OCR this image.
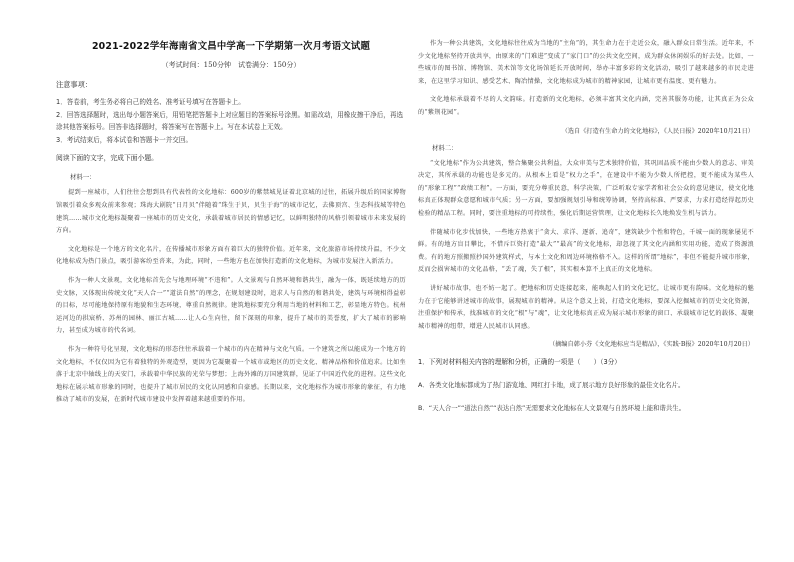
2021-2022学年海南省文昌中学高一下学期第一次月考语文试题
（考试时间：150分钟　试卷满分：150分）
注意事项：

1．答卷前，考生务必将自己的姓名、准考证号填写在答题卡上。

2．回答选择题时，选出每小题答案后，用铅笔把答题卡上对应题目的答案标号涂黑。如需改动，用橡皮擦干净后，再选涂其他答案标号。回答非选择题时，将答案写在答题卡上。写在本试卷上无效。

3．考试结束后，将本试卷和答题卡一并交回。

阅读下面的文字，完成下面小题。
材料一：

提到一座城市，人们往往会想到具有代表性的文化地标：600岁的紫禁城见证着北京城的过往，拓展升级后的国家博物馆吸引着众多观众前来参观；珠海大剧院“日月贝”伴随着“珠生于贝，贝生于海”的城市记忆，去佛顶宫、生态科技城等特色建筑……城市文化地标凝聚着一座城市的历史文化，承载着城市居民的情感记忆，以鲜明独特的风格引领着城市未来发展的方向。

文化地标是一个地方的文化名片，在传播城市形象方面有着巨大的独特价值。近年来，文化旅游市场持续升温，不少文化地标成为热门景点，吸引游客纷至沓来，为此，同时，一些地方也在加快打造新的文化地标，为城市发展注入新活力。

作为一种人文景观，文化地标首先会与地理环境“不违和”。人文景观与自然环境和谐共生，融为一体，既延续地方的历史文脉，又体现出传统文化“天人合一”“道法自然”的理念，在规划建设时，追求人与自然的和谐共处，建筑与环境相得益彰的目标，尽可能地保持原有地貌和生态环境，尊重自然规律。建筑地标要充分利用当地的材料和工艺，彰显地方特色。杭州运河边的拱宸桥、苏州的园林、丽江古城……让人心生向往，留下深刻的印象，提升了城市的美誉度，扩大了城市的影响力，甚至成为城市的代名词。

作为一种符号化呈现，文化地标的形态往往承载着一个城市的内在精神与文化气质。一个建筑之所以能成为一个地方的文化地标，不仅仅因为它有着独特的外观造型，更因为它凝聚着一个城市或地区的历史文化、精神品格和价值追求。比如坐落于北京中轴线上的天安门，承载着中华民族的光荣与梦想；上海外滩的万国建筑群，见证了中国近代化的进程。这些文化地标在展示城市形象的同时，也提升了城市居民的文化认同感和自豪感。长期以来，文化地标作为城市形象的象征，有力地推动了城市的发展，在新时代城市建设中发挥着越来越重要的作用。

作为一种公共建筑，文化地标往往成为当地的“主角”的，其生命力在于走近公众，融入群众日常生活。近年来，不少文化地标坚持开放共享，由原来的“门难进”变成了“家门口”的公共文化空间，成为群众休闲娱乐的好去处。比如，一些城市的图书馆、博物馆、美术馆等文化场馆延长开放时间，举办丰富多彩的文化活动，吸引了越来越多的市民走进来，在这里学习知识、感受艺术、陶冶情操，文化地标成为城市的精神家园，让城市更有温度、更有魅力。

文化地标承载着不尽的人文韵味。打造新的文化地标，必须丰富其文化内涵，完善其服务功能，让其真正为公众的“紫荆花园”。

（选自《打造有生命力的文化地标》，《人民日报》2020年10月21日）
材料二：

“文化地标”作为公共建筑，整合集聚公共利益，大众审美与艺术独特价值，其巩固品质不能由少数人的意志、审美决定，其所承载的功能也是多元的。从根本上看是“权力之手”，在建设中不能为少数人所把控，更不能成为某些人的“形象工程”“政绩工程”。一方面，要充分尊重民意，科学决策，广泛听取专家学者和社会公众的意见建议，使文化地标真正体现群众意愿和城市气质；另一方面，要加强规划引导和统筹协调，坚持高标准、严要求，力求打造经得起历史检验的精品工程。同时，要注重地标的可持续性，强化后期运营管理，让文化地标长久地焕发生机与活力。

伴随城市化步伐加快，一些地方热衷于“贪大、求洋、逐新、追奇”，建筑缺少个性和特色，千城一面的现象屡见不鲜。有的地方盲目攀比，不惜斥巨资打造“最大”“最高”的文化地标，却忽视了其文化内涵和实用功能，造成了资源浪费。有的地方照搬照抄国外建筑样式，与本土文化和周边环境格格不入。这样的所谓“地标”，非但不能提升城市形象，反而会损害城市的文化品格，“丢了魂，失了根”，其实根本算不上真正的文化地标。

讲好城市故事，也不妨一起了。把地标和历史连接起来，能唤起人们的文化记忆，让城市更有韵味。文化地标的魅力在于它能够讲述城市的故事，展现城市的精神。从这个意义上说，打造文化地标，要深入挖掘城市的历史文化资源，注重保护和传承，找准城市的文化“根”与“魂”，让文化地标真正成为展示城市形象的窗口、承载城市记忆的载体、凝聚城市精神的纽带，增进人民城市认同感。

（摘编自韩小芬《文化地标应当是精品》，《实践·B报》2020年10月20日）
1．下列对材料相关内容的理解和分析，正确的一项是（　　）（3分）
A．各类文化地标都成为了热门游览地、网红打卡地，成了展示地方良好形象的最佳文化名片。
B．“天人合一”“道法自然”“表达自然”无需要求文化地标在人文景观与自然环境上能和谐共生。
